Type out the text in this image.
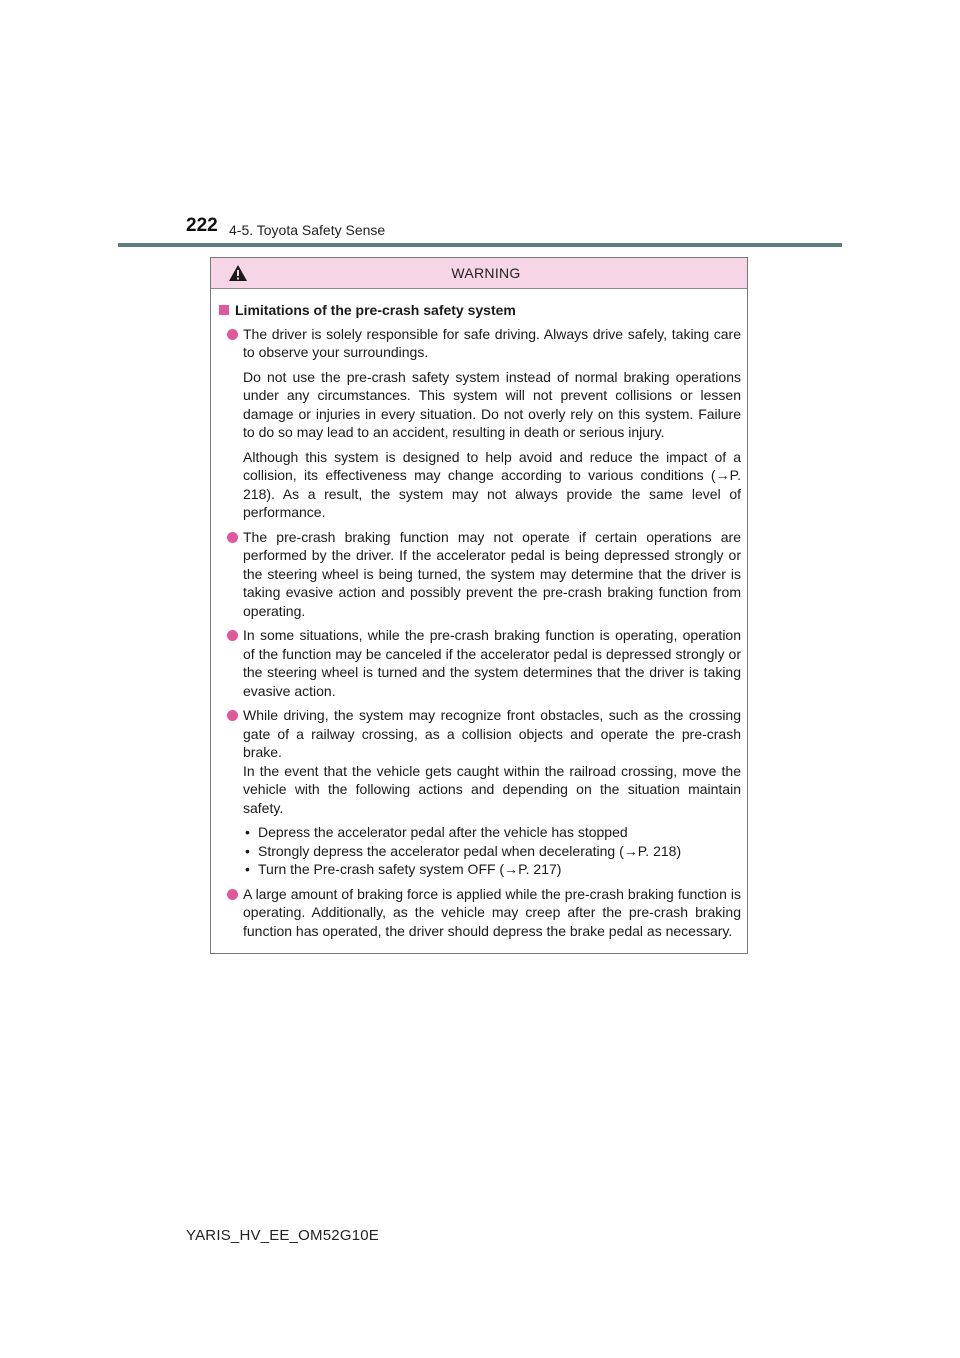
222 4-5. Toyota Safety Sense
WARNING
Limitations of the pre-crash safety system

The driver is solely responsible for safe driving. Always drive safely, taking care to observe your surroundings.

Do not use the pre-crash safety system instead of normal braking operations under any circumstances. This system will not prevent collisions or lessen damage or injuries in every situation. Do not overly rely on this system. Failure to do so may lead to an accident, resulting in death or serious injury.

Although this system is designed to help avoid and reduce the impact of a collision, its effectiveness may change according to various conditions (→P. 218). As a result, the system may not always provide the same level of performance.

The pre-crash braking function may not operate if certain operations are performed by the driver. If the accelerator pedal is being depressed strongly or the steering wheel is being turned, the system may determine that the driver is taking evasive action and possibly prevent the pre-crash braking function from operating.

In some situations, while the pre-crash braking function is operating, operation of the function may be canceled if the accelerator pedal is depressed strongly or the steering wheel is turned and the system determines that the driver is taking evasive action.

While driving, the system may recognize front obstacles, such as the crossing gate of a railway crossing, as a collision objects and operate the pre-crash brake.
In the event that the vehicle gets caught within the railroad crossing, move the vehicle with the following actions and depending on the situation maintain safety.

• Depress the accelerator pedal after the vehicle has stopped
• Strongly depress the accelerator pedal when decelerating (→P. 218)
• Turn the Pre-crash safety system OFF (→P. 217)

A large amount of braking force is applied while the pre-crash braking function is operating. Additionally, as the vehicle may creep after the pre-crash braking function has operated, the driver should depress the brake pedal as necessary.

YARIS_HV_EE_OM52G10E
